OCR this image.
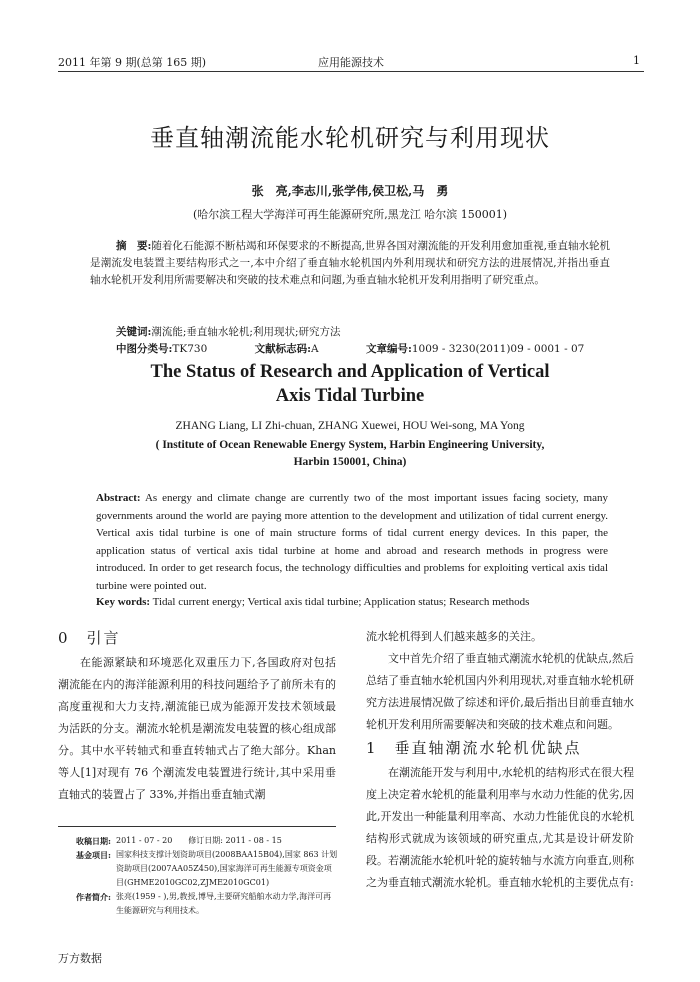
2011 年第 9 期(总第 165 期)	应用能源技术	1
垂直轴潮流能水轮机研究与利用现状
张　亮,李志川,张学伟,侯卫松,马　勇
(哈尔滨工程大学海洋可再生能源研究所,黑龙江 哈尔滨 150001)
摘　要:随着化石能源不断枯竭和环保要求的不断提高,世界各国对潮流能的开发利用愈加重视,垂直轴水轮机是潮流发电装置主要结构形式之一,本中介绍了垂直轴水轮机国内外利用现状和研究方法的进展情况,并指出垂直轴水轮机开发利用所需要解决和突破的技术难点和问题,为垂直轴水轮机开发利用指明了研究重点。
关键词:潮流能;垂直轴水轮机;利用现状;研究方法
中图分类号:TK730	文献标志码:A	文章编号:1009 - 3230(2011)09 - 0001 - 07
The Status of Research and Application of Vertical
Axis Tidal Turbine
ZHANG Liang, LI Zhi-chuan, ZHANG Xuewei, HOU Wei-song, MA Yong
( Institute of Ocean Renewable Energy System, Harbin Engineering University,
Harbin 150001, China)
Abstract: As energy and climate change are currently two of the most important issues facing society, many governments around the world are paying more attention to the development and utilization of tidal current energy. Vertical axis tidal turbine is one of main structure forms of tidal current energy devices. In this paper, the application status of vertical axis tidal turbine at home and abroad and research methods in progress were introduced. In order to get research focus, the technology difficulties and problems for exploiting vertical axis tidal turbine were pointed out.
Key words: Tidal current energy; Vertical axis tidal turbine; Application status; Research methods
0　引言

在能源紧缺和环境恶化双重压力下,各国政府对包括潮流能在内的海洋能源利用的科技问题给予了前所未有的高度重视和大力支持,潮流能已成为能源开发技术领域最为活跃的分支。潮流水轮机是潮流发电装置的核心组成部分。其中水平转轴式和垂直转轴式占了绝大部分。Khan 等人[1]对现有 76 个潮流发电装置进行统计,其中采用垂直轴式的装置占了 33%,并指出垂直轴式潮

流水轮机得到人们越来越多的关注。

文中首先介绍了垂直轴式潮流水轮机的优缺点,然后总结了垂直轴水轮机国内外利用现状,对垂直轴水轮机研究方法进展情况做了综述和评价,最后指出目前垂直轴水轮机开发利用所需要解决和突破的技术难点和问题。

1　垂直轴潮流水轮机优缺点

在潮流能开发与利用中,水轮机的结构形式在很大程度上决定着水轮机的能量利用率与水动力性能的优劣,因此,开发出一种能量利用率高、水动力性能优良的水轮机结构形式就成为该领域的研究重点,尤其是设计研发阶段。若潮流能水轮机叶轮的旋转轴与水流方向垂直,则称之为垂直轴式潮流水轮机。垂直轴水轮机的主要优点有:

收稿日期: 2011 - 07 - 20　　修订日期: 2011 - 08 - 15
基金项目: 国家科技支撑计划资助项目(2008BAA15B04),国家 863 计划资助项目(2007AA05Z450),国家海洋可再生能源专项资金项目(GHME2010GC02,ZJME2010GC01)
作者简介: 张亮(1959 - ),男,教授,博导,主要研究船舶水动力学,海洋可再生能源研究与利用技术。
万方数据
